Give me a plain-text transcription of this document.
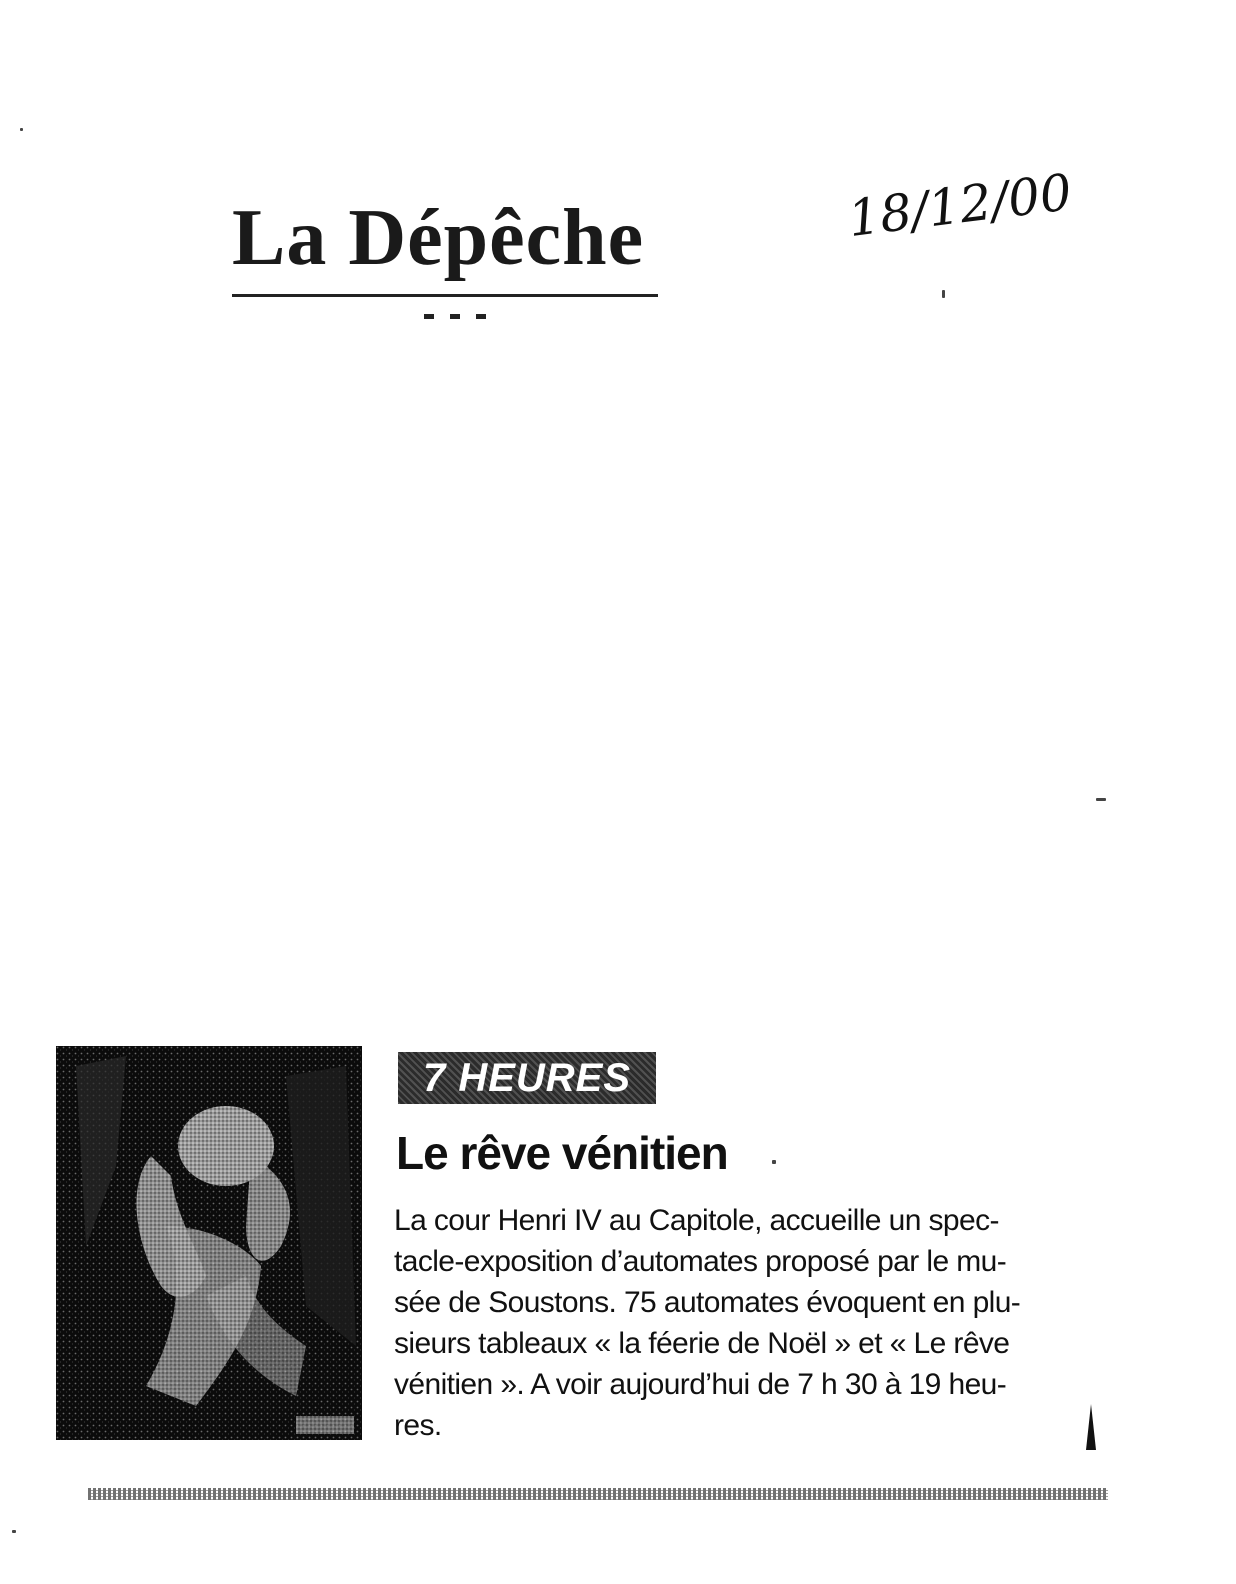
La Dépêche	18/12/00
7 HEURES
Le rêve vénitien

La cour Henri IV au Capitole, accueille un spec-
tacle-exposition d’automates proposé par le mu-
sée de Soustons. 75 automates évoquent en plu-
sieurs tableaux « la féerie de Noël » et « Le rêve
vénitien ». A voir aujourd’hui de 7 h 30 à 19 heu-
res.
